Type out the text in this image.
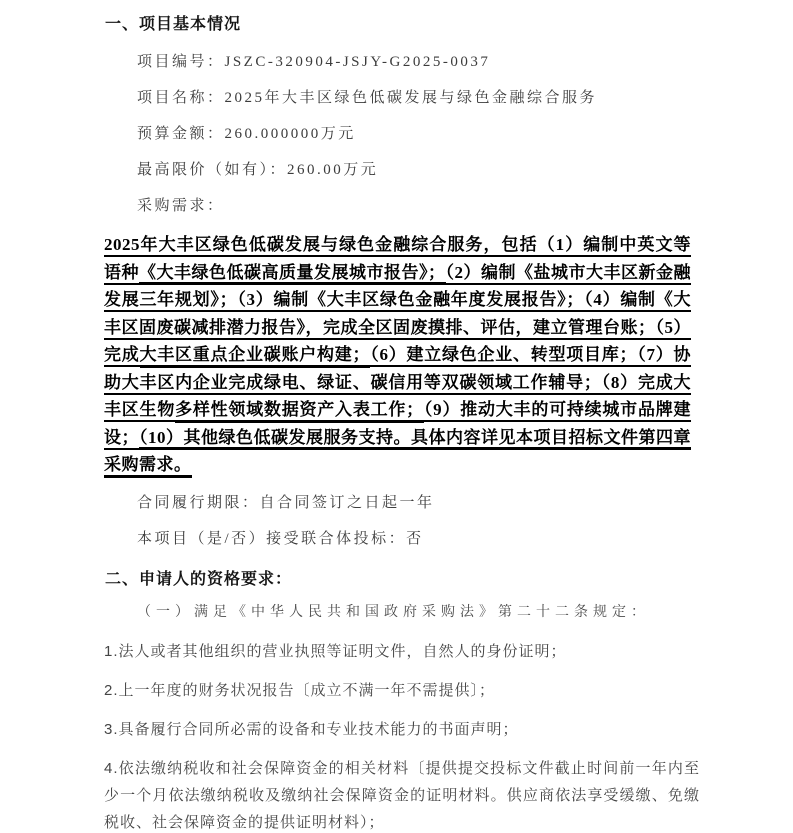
一、项目基本情况
项目编号：JSZC-320904-JSJY-G2025-0037
项目名称：2025年大丰区绿色低碳发展与绿色金融综合服务
预算金额：260.000000万元
最高限价（如有）：260.00万元
采购需求：
2025年大丰区绿色低碳发展与绿色金融综合服务，包括（1）编制中英文等语种《大丰绿色低碳高质量发展城市报告》；（2）编制《盐城市大丰区新金融发展三年规划》；（3）编制《大丰区绿色金融年度发展报告》；（4）编制《大丰区固废碳减排潜力报告》，完成全区固废摸排、评估，建立管理台账；（5）完成大丰区重点企业碳账户构建；（6）建立绿色企业、转型项目库；（7）协助大丰区内企业完成绿电、绿证、碳信用等双碳领域工作辅导；（8）完成大丰区生物多样性领域数据资产入表工作；（9）推动大丰的可持续城市品牌建设；（10）其他绿色低碳发展服务支持。具体内容详见本项目招标文件第四章采购需求。
合同履行期限：自合同签订之日起一年
本项目（是/否）接受联合体投标：否
二、申请人的资格要求：
（一）满足《中华人民共和国政府采购法》第二十二条规定：
1.法人或者其他组织的营业执照等证明文件，自然人的身份证明；
2.上一年度的财务状况报告〔成立不满一年不需提供〕；
3.具备履行合同所必需的设备和专业技术能力的书面声明；
4.依法缴纳税收和社会保障资金的相关材料〔提供提交投标文件截止时间前一年内至少一个月依法缴纳税收及缴纳社会保障资金的证明材料。供应商依法享受缓缴、免缴税收、社会保障资金的提供证明材料）；
